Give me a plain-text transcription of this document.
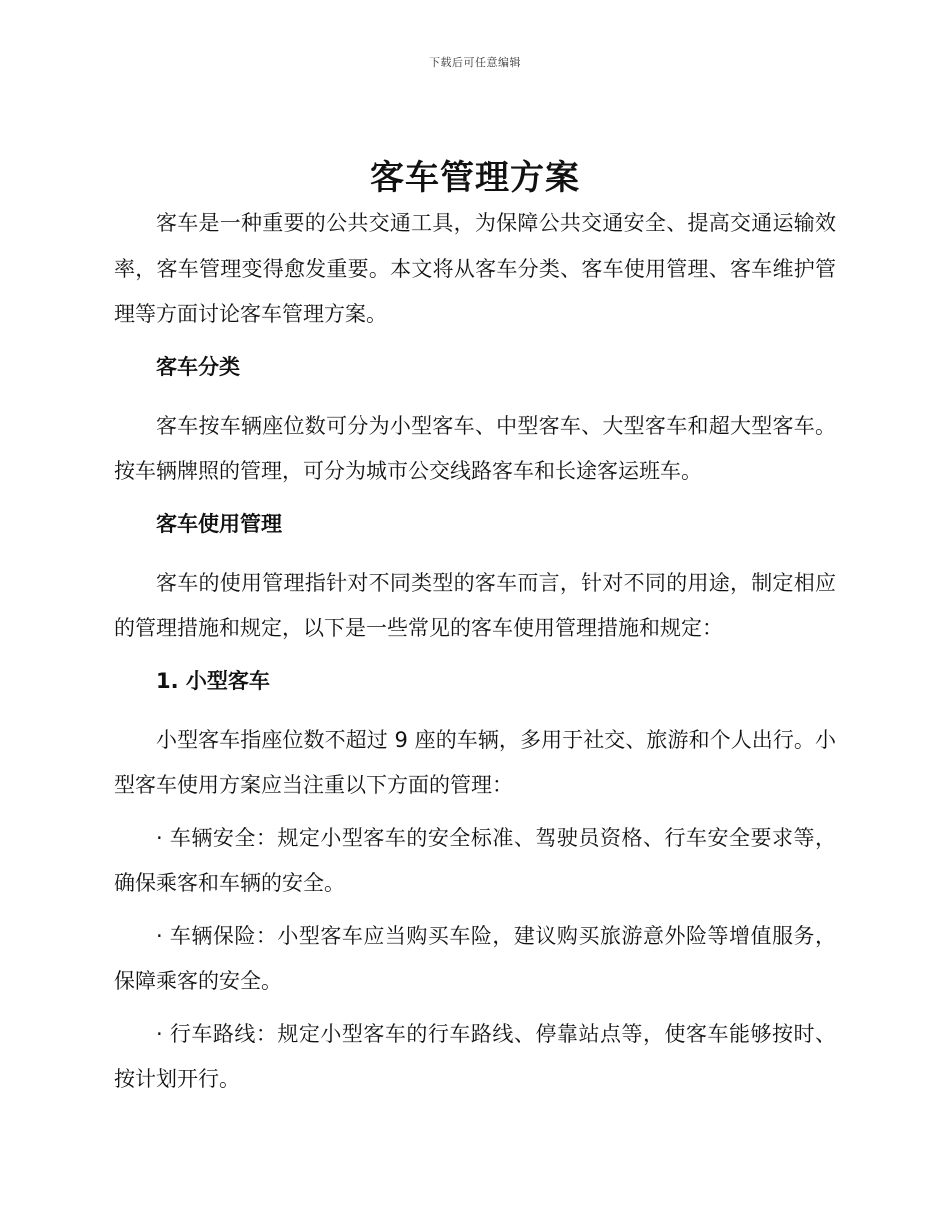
下载后可任意编辑
客车管理方案

客车是一种重要的公共交通工具，为保障公共交通安全、提高交通运输效率，客车管理变得愈发重要。本文将从客车分类、客车使用管理、客车维护管理等方面讨论客车管理方案。

客车分类

客车按车辆座位数可分为小型客车、中型客车、大型客车和超大型客车。按车辆牌照的管理，可分为城市公交线路客车和长途客运班车。

客车使用管理

客车的使用管理指针对不同类型的客车而言，针对不同的用途，制定相应的管理措施和规定，以下是一些常见的客车使用管理措施和规定：

1. 小型客车

小型客车指座位数不超过 9 座的车辆，多用于社交、旅游和个人出行。小型客车使用方案应当注重以下方面的管理：

· 车辆安全：规定小型客车的安全标准、驾驶员资格、行车安全要求等，确保乘客和车辆的安全。

· 车辆保险：小型客车应当购买车险，建议购买旅游意外险等增值服务，保障乘客的安全。

· 行车路线：规定小型客车的行车路线、停靠站点等，使客车能够按时、按计划开行。
